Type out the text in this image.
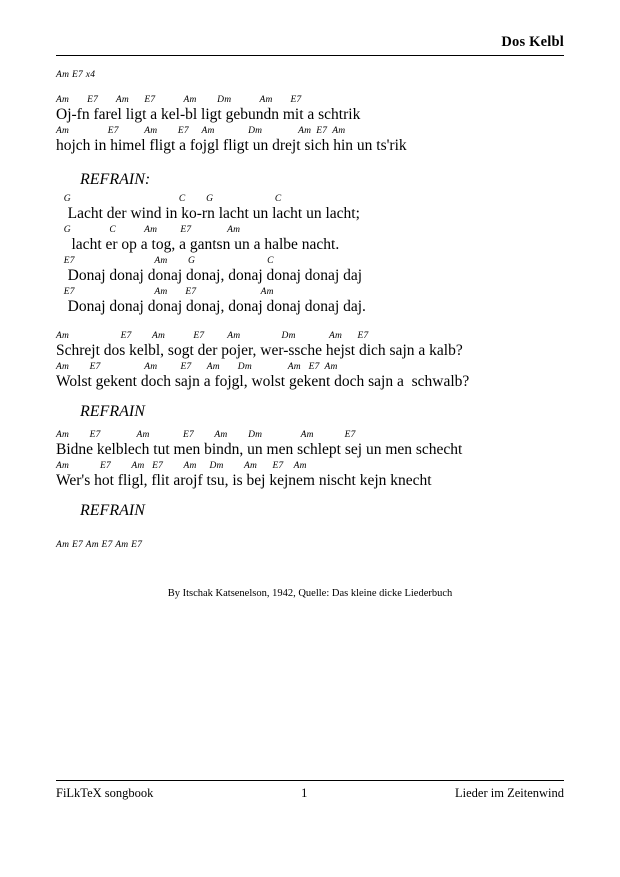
Dos Kelbl
Am E7 x4
Am       E7       Am      E7           Am        Dm           Am       E7
Oj-fn farel ligt a kel-bl ligt gebundn mit a schtrik
Am               E7          Am        E7     Am             Dm              Am  E7  Am
hojch in himel fligt a fojgl fligt un drejt sich hin un ts'rik
REFRAIN:
G                                          C        G                        C
Lacht der wind in ko-rn lacht un lacht un lacht;
G               C           Am         E7              Am
lacht er op a tog, a gantsn un a halbe nacht.
E7                               Am        G                            C
Donaj donaj donaj donaj, donaj donaj donaj daj
E7                               Am       E7                         Am
Donaj donaj donaj donaj, donaj donaj donaj daj.
Am                    E7        Am           E7         Am                Dm             Am      E7
Schrejt dos kelbl, sogt der pojer, wer-ssche hejst dich sajn a kalb?
Am        E7                 Am         E7      Am       Dm              Am   E7  Am
Wolst gekent doch sajn a fojgl, wolst gekent doch sajn a  schwalb?
REFRAIN
Am        E7              Am             E7        Am        Dm               Am            E7
Bidne kelblech tut men bindn, un men schlept sej un men schecht
Am            E7        Am   E7        Am     Dm        Am      E7    Am
Wer's hot fligl, flit arojf tsu, is bej kejnem nischt kejn knecht
REFRAIN
Am E7 Am E7 Am E7
By Itschak Katsenelson, 1942, Quelle: Das kleine dicke Liederbuch
FiLkTeX songbook	1	Lieder im Zeitenwind
